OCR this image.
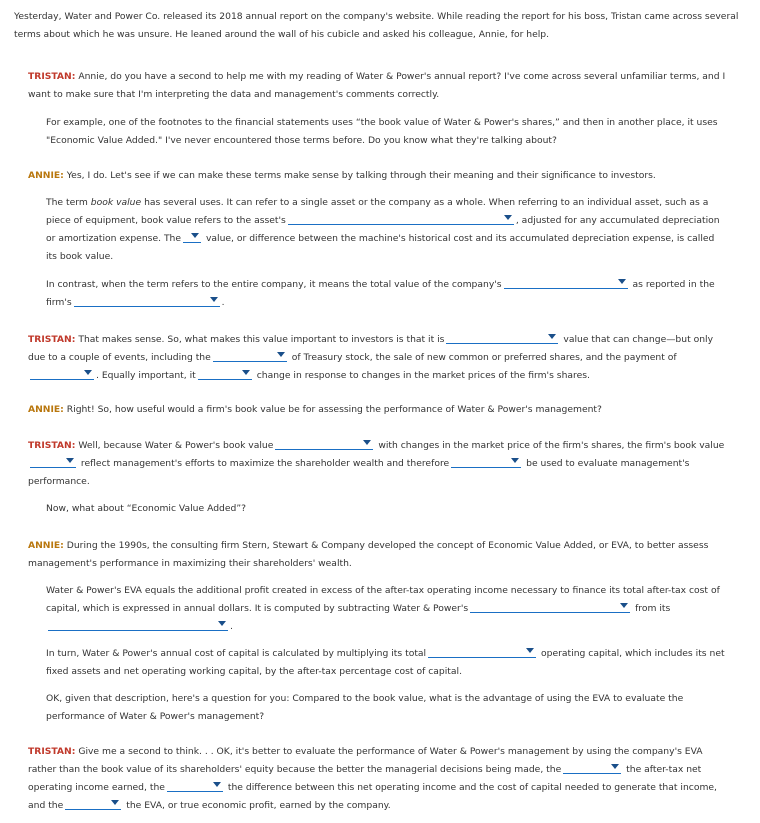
Yesterday, Water and Power Co. released its 2018 annual report on the company's website. While reading the report for his boss, Tristan came across several terms about which he was unsure. He leaned around the wall of his cubicle and asked his colleague, Annie, for help.
TRISTAN: Annie, do you have a second to help me with my reading of Water & Power's annual report? I've come across several unfamiliar terms, and I want to make sure that I'm interpreting the data and management's comments correctly.
For example, one of the footnotes to the financial statements uses “the book value of Water & Power's shares,” and then in another place, it uses "Economic Value Added." I've never encountered those terms before. Do you know what they're talking about?
ANNIE: Yes, I do. Let's see if we can make these terms make sense by talking through their meaning and their significance to investors.
The term book value has several uses. It can refer to a single asset or the company as a whole. When referring to an individual asset, such as a piece of equipment, book value refers to the asset's	, adjusted for any accumulated depreciation or amortization expense. The
value, or difference between the machine's historical cost and its accumulated depreciation expense, is called its book value.
In contrast, when the term refers to the entire company, it means the total value of the company's	as reported in the firm's	.
TRISTAN: That makes sense. So, what makes this value important to investors is that it is	value that can change—but only due to a couple of events, including the	of Treasury stock, the sale of new common or preferred shares, and the payment of
. Equally important, it	change in response to changes in the market prices of the firm's shares.
ANNIE: Right! So, how useful would a firm's book value be for assessing the performance of Water & Power's management?
TRISTAN: Well, because Water & Power's book value	with changes in the market price of the firm's shares, the firm's book value
reflect management's efforts to maximize the shareholder wealth and therefore	be used to evaluate management's performance.
Now, what about “Economic Value Added”?
ANNIE: During the 1990s, the consulting firm Stern, Stewart & Company developed the concept of Economic Value Added, or EVA, to better assess management's performance in maximizing their shareholders' wealth.
Water & Power's EVA equals the additional profit created in excess of the after-tax operating income necessary to finance its total after-tax cost of capital, which is expressed in annual dollars. It is computed by subtracting Water & Power's	from its
.
In turn, Water & Power's annual cost of capital is calculated by multiplying its total	operating capital, which includes its net fixed assets and net operating working capital, by the after-tax percentage cost of capital.
OK, given that description, here's a question for you: Compared to the book value, what is the advantage of using the EVA to evaluate the performance of Water & Power's management?
TRISTAN: Give me a second to think. . . OK, it's better to evaluate the performance of Water & Power's management by using the company's EVA rather than the book value of its shareholders' equity because the better the managerial decisions being made, the	the after-tax net operating income earned, the	the difference between this net operating income and the cost of capital needed to generate that income, and the	the EVA, or true economic profit, earned by the company.
